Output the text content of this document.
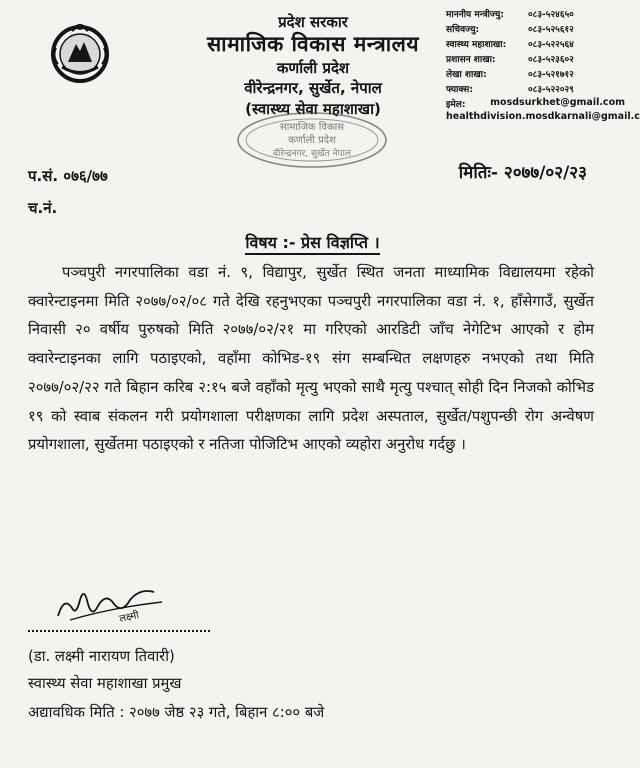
प्रदेश सरकार
सामाजिक विकास मन्त्रालय
कर्णाली प्रदेश
वीरेन्द्रनगर, सुर्खेत, नेपाल
(स्वास्थ्य सेवा महाशाखा)
माननीय मन्त्रीज्यु:	०८३-५२४६५०
सचिवज्यु:	०८३-५२५६१२
स्वास्थ्य महाशाखा:	०८३-५२२५६४
प्रशासन शाखा:	०८३-५२३६०२
लेखा शाखा:	०८३-५२१७१२
फ्याक्स:	०८३-५२२०२९
इमेल:	mosdsurkhet@gmail.com
healthdivision.mosdkarnali@gmail.c
सामाजिक विकास
कर्णाली प्रदेश
वीरेन्द्रनगर, सुर्खेत नेपाल
प.सं. ०७६/७७
च.नं.
मितिः- २०७७/०२/२३
विषय :- प्रेस विज्ञप्ति ।

पञ्चपुरी नगरपालिका वडा नं. ९, विद्यापुर, सुर्खेत स्थित जनता माध्यामिक विद्यालयमा रहेको क्वारेन्टाइनमा मिति २०७७/०२/०८ गते देखि रहनुभएका पञ्चपुरी नगरपालिका वडा नं. १, हाँसेगाउँ, सुर्खेत निवासी २० वर्षीय पुरुषको मिति २०७७/०२/२१ मा गरिएको आरडिटी जाँच नेगेटिभ आएको र होम क्वारेन्टाइनका लागि पठाइएको, वहाँमा कोभिड-१९ संग सम्बन्धित लक्षणहरु नभएको तथा मिति २०७७/०२/२२ गते बिहान करिब २:१५ बजे वहाँको मृत्यु भएको साथै मृत्यु पश्चात् सोही दिन निजको कोभिड १९ को स्वाब संकलन गरी प्रयोगशाला परीक्षणका लागि प्रदेश अस्पताल, सुर्खेत/पशुपन्छी रोग अन्वेषण प्रयोगशाला, सुर्खेतमा पठाइएको र नतिजा पोजिटिभ आएको व्यहोरा अनुरोध गर्दछु ।

लक्ष्मी
(डा. लक्ष्मी नारायण तिवारी)
स्वास्थ्य सेवा महाशाखा प्रमुख
अद्यावधिक मिति : २०७७ जेष्ठ २३ गते, बिहान ८:०० बजे
